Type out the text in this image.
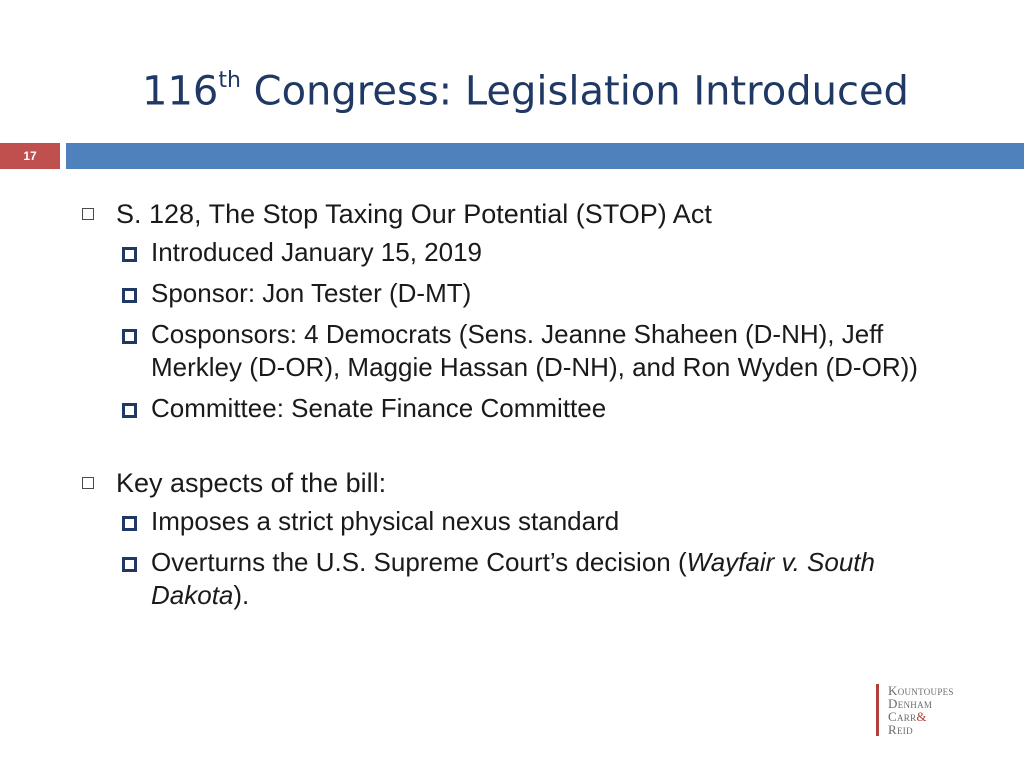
116th Congress: Legislation Introduced
17
S. 128, The Stop Taxing Our Potential (STOP) Act
Introduced January 15, 2019
Sponsor: Jon Tester (D-MT)
Cosponsors: 4 Democrats (Sens. Jeanne Shaheen (D-NH), Jeff Merkley (D-OR), Maggie Hassan (D-NH), and Ron Wyden (D-OR))
Committee: Senate Finance Committee
Key aspects of the bill:
Imposes a strict physical nexus standard
Overturns the U.S. Supreme Court’s decision (Wayfair v. South Dakota).
Kountoupes
Denham
Carr&
Reid
